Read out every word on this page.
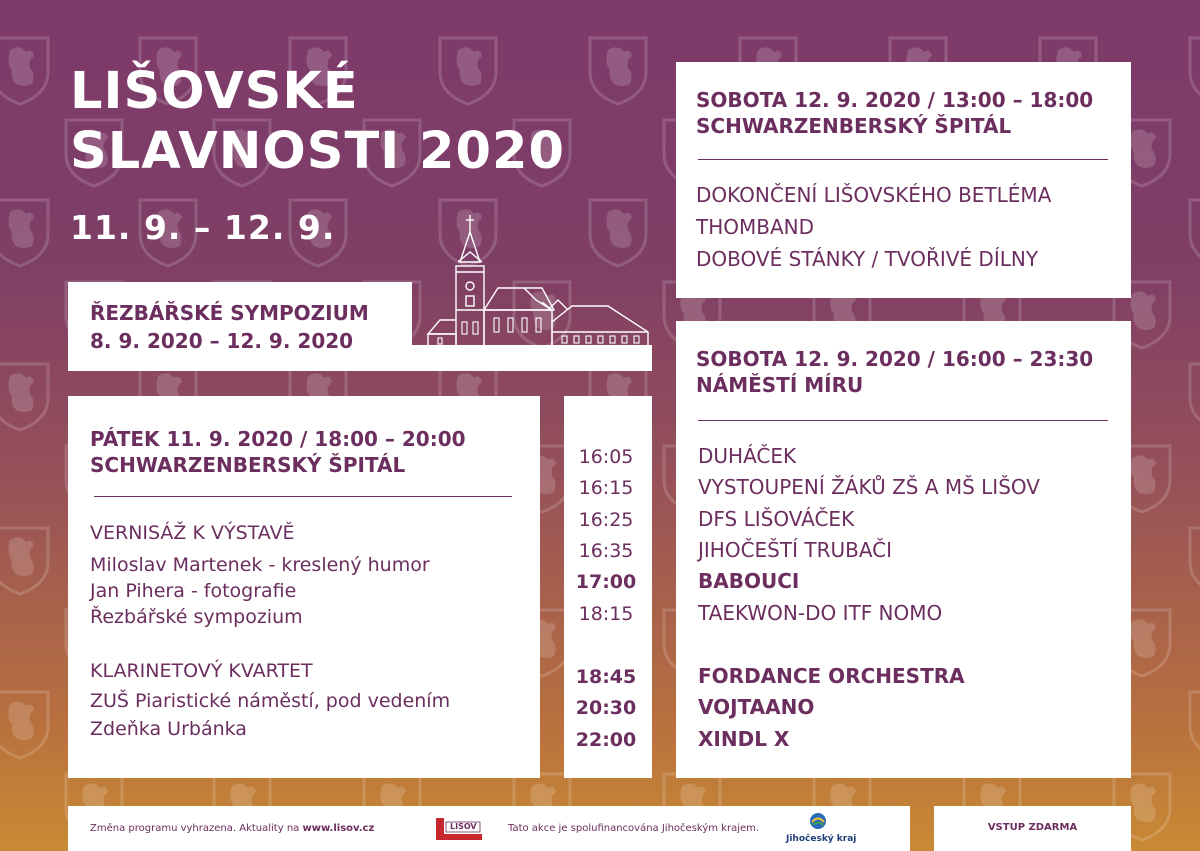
LIŠOVSKÉ
SLAVNOSTI 2020
11. 9. – 12. 9.
ŘEZBÁŘSKÉ SYMPOZIUM
8. 9. 2020 – 12. 9. 2020
PÁTEK 11. 9. 2020 / 18:00 – 20:00
SCHWARZENBERSKÝ ŠPITÁL
VERNISÁŽ K VÝSTAVĚ
Miloslav Martenek - kreslený humor
Jan Pihera - fotografie
Řezbářské sympozium
KLARINETOVÝ KVARTET
ZUŠ Piaristické náměstí, pod vedením
Zdeňka Urbánka
16:05
16:15
16:25
16:35
17:00
18:15
18:45
20:30
22:00
SOBOTA 12. 9. 2020 / 13:00 – 18:00
SCHWARZENBERSKÝ ŠPITÁL
DOKONČENÍ LIŠOVSKÉHO BETLÉMA
THOMBAND
DOBOVÉ STÁNKY / TVOŘIVÉ DÍLNY
SOBOTA 12. 9. 2020 / 16:00 – 23:30
NÁMĚSTÍ MÍRU
DUHÁČEK
VYSTOUPENÍ ŽÁKŮ ZŠ A MŠ LIŠOV
DFS LIŠOVÁČEK
JIHOČEŠTÍ TRUBAČI
BABOUCI
TAEKWON-DO ITF NOMO
FORDANCE ORCHESTRA
VOJTAANO
XINDL X
Změna programu vyhrazena. Aktuality na www.lisov.cz	LIŠOV	Tato akce je spolufinancována Jihočeským krajem.
Jihočeský kraj
VSTUP ZDARMA
